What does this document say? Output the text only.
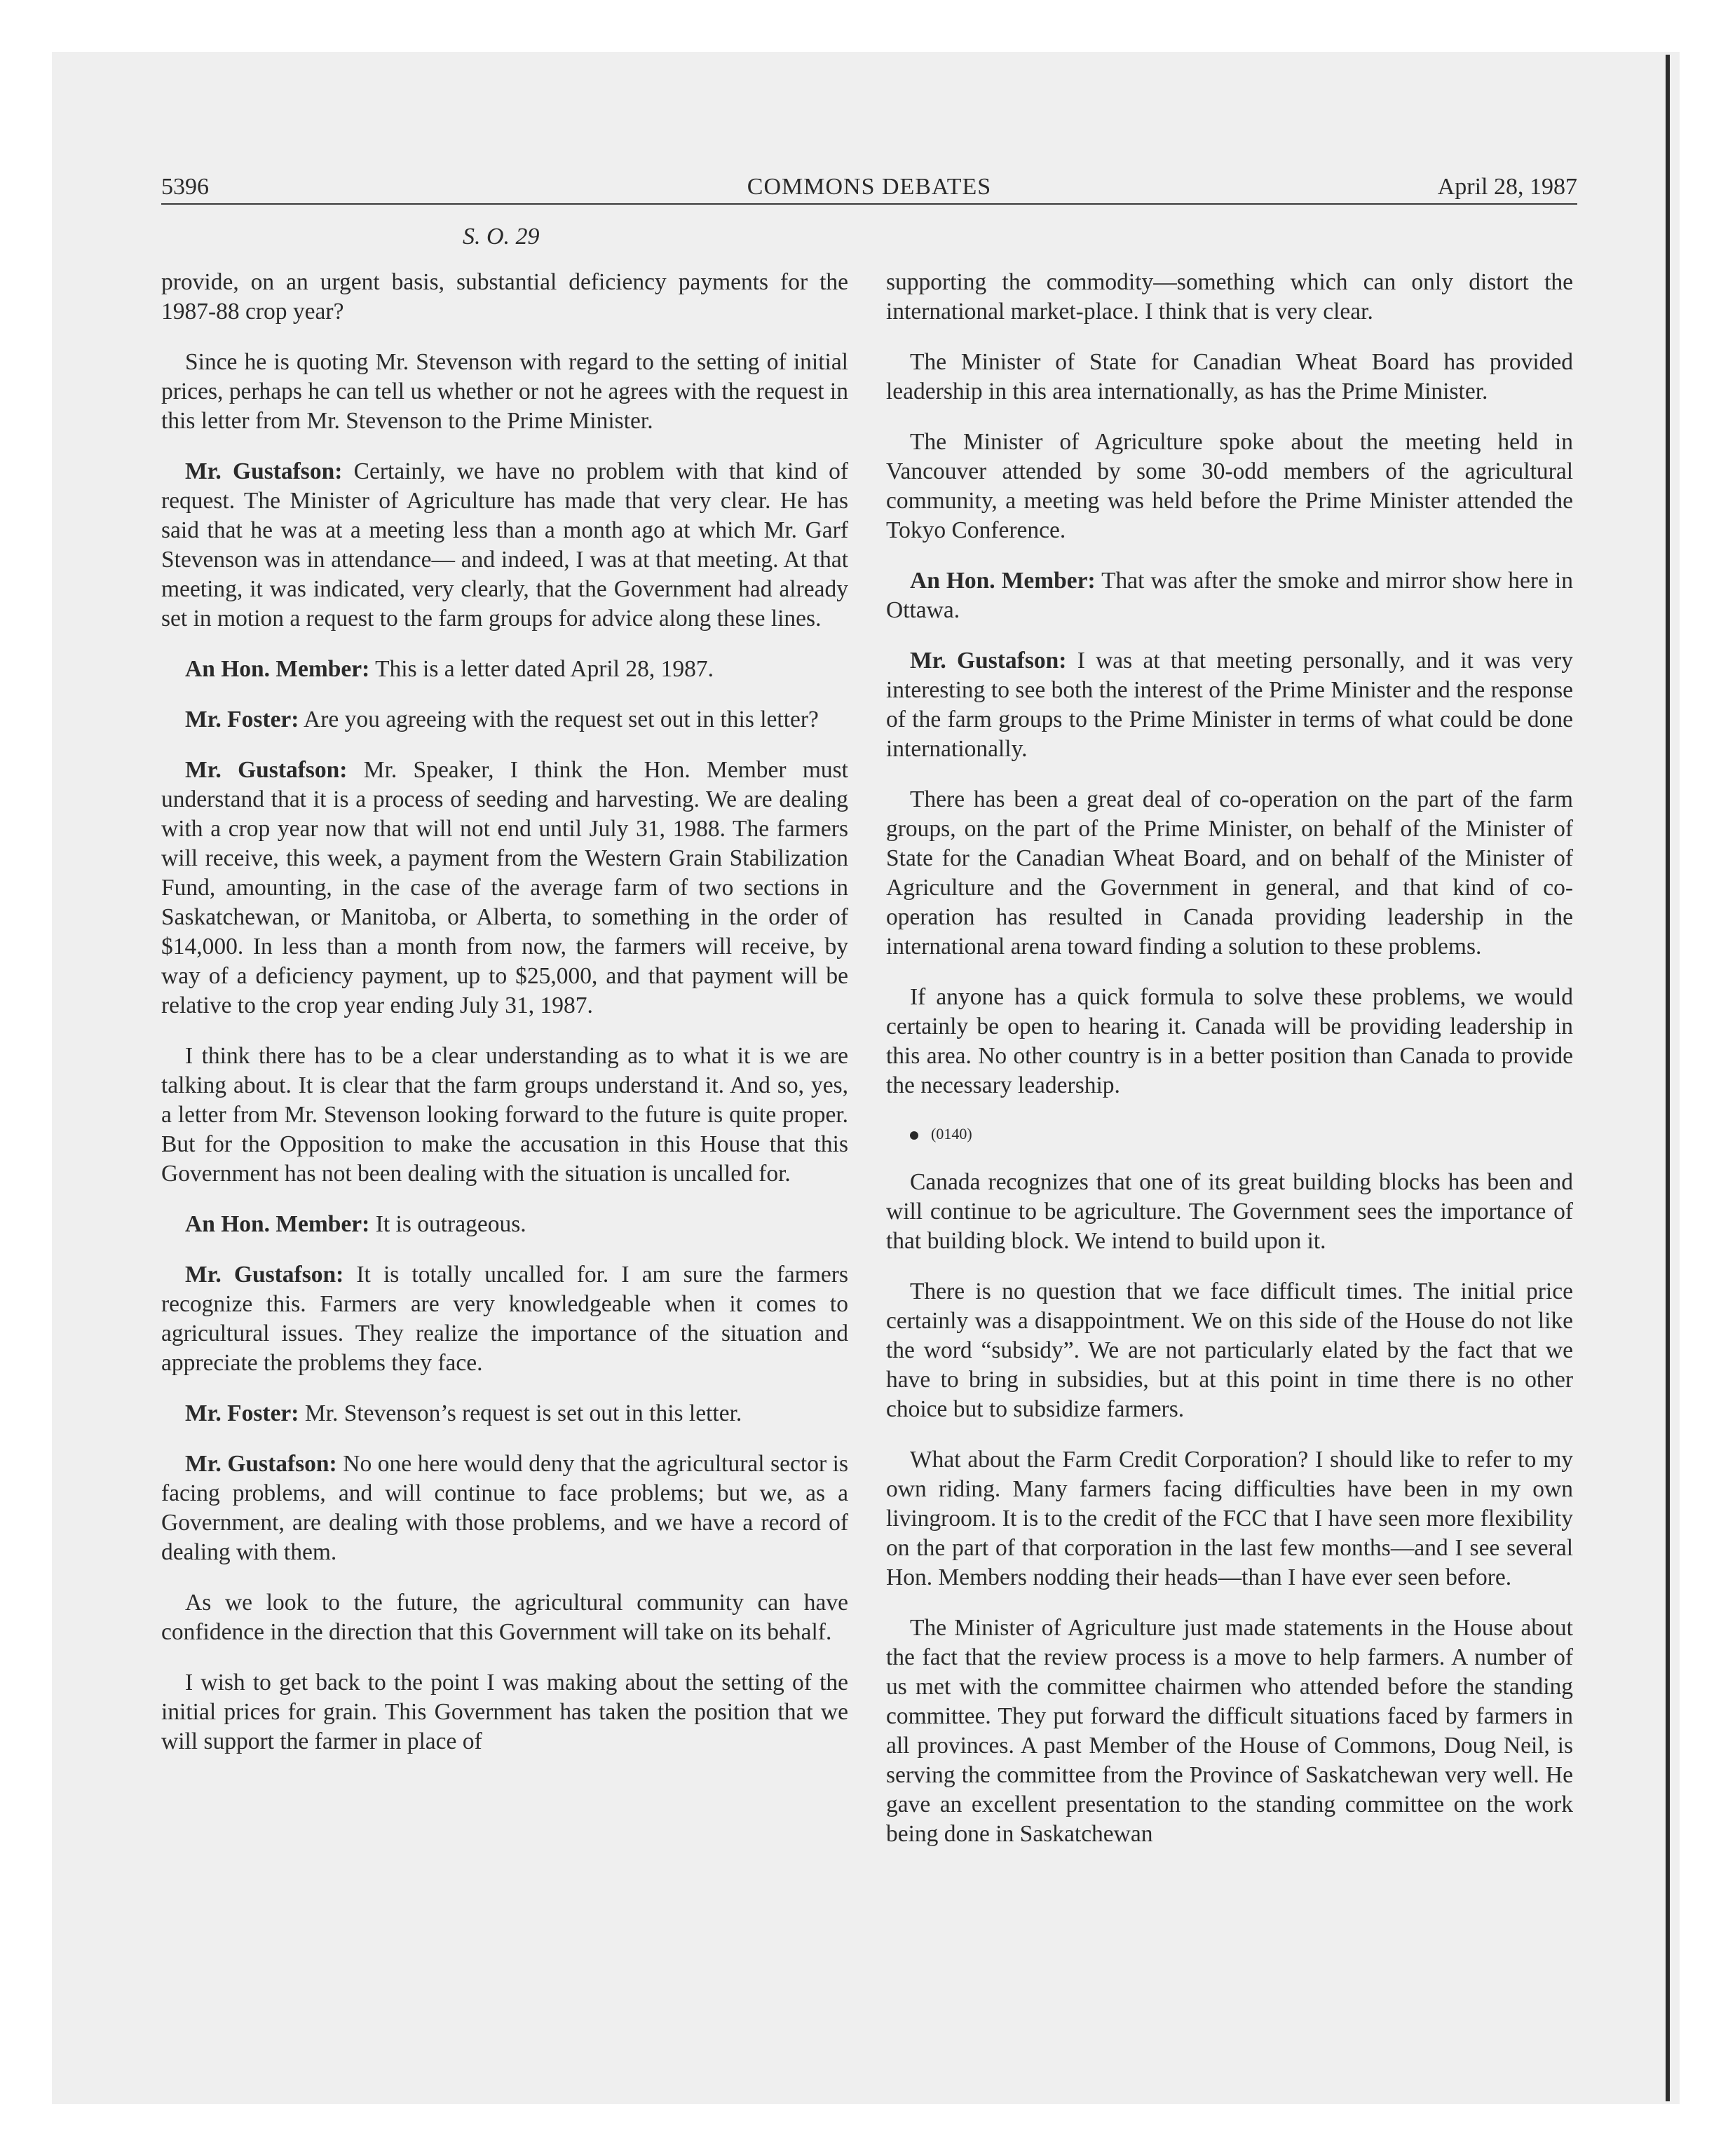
5396	COMMONS DEBATES	April 28, 1987
S. O. 29

provide, on an urgent basis, substantial deficiency payments for the 1987-88 crop year?

Since he is quoting Mr. Stevenson with regard to the setting of initial prices, perhaps he can tell us whether or not he agrees with the request in this letter from Mr. Stevenson to the Prime Minister.

Mr. Gustafson: Certainly, we have no problem with that kind of request. The Minister of Agriculture has made that very clear. He has said that he was at a meeting less than a month ago at which Mr. Garf Stevenson was in attendance— and indeed, I was at that meeting. At that meeting, it was indicated, very clearly, that the Government had already set in motion a request to the farm groups for advice along these lines.

An Hon. Member: This is a letter dated April 28, 1987.

Mr. Foster: Are you agreeing with the request set out in this letter?

Mr. Gustafson: Mr. Speaker, I think the Hon. Member must understand that it is a process of seeding and harvesting. We are dealing with a crop year now that will not end until July 31, 1988. The farmers will receive, this week, a payment from the Western Grain Stabilization Fund, amounting, in the case of the average farm of two sections in Saskatchewan, or Manitoba, or Alberta, to something in the order of $14,000. In less than a month from now, the farmers will receive, by way of a deficiency payment, up to $25,000, and that payment will be relative to the crop year ending July 31, 1987.

I think there has to be a clear understanding as to what it is we are talking about. It is clear that the farm groups understand it. And so, yes, a letter from Mr. Stevenson looking forward to the future is quite proper. But for the Opposition to make the accusation in this House that this Government has not been dealing with the situation is uncalled for.

An Hon. Member: It is outrageous.

Mr. Gustafson: It is totally uncalled for. I am sure the farmers recognize this. Farmers are very knowledgeable when it comes to agricultural issues. They realize the importance of the situation and appreciate the problems they face.

Mr. Foster: Mr. Stevenson’s request is set out in this letter.

Mr. Gustafson: No one here would deny that the agricultural sector is facing problems, and will continue to face problems; but we, as a Government, are dealing with those problems, and we have a record of dealing with them.

As we look to the future, the agricultural community can have confidence in the direction that this Government will take on its behalf.

I wish to get back to the point I was making about the setting of the initial prices for grain. This Government has taken the position that we will support the farmer in place of

supporting the commodity—something which can only distort the international market-place. I think that is very clear.

The Minister of State for Canadian Wheat Board has provided leadership in this area internationally, as has the Prime Minister.

The Minister of Agriculture spoke about the meeting held in Vancouver attended by some 30-odd members of the agricultural community, a meeting was held before the Prime Minister attended the Tokyo Conference.

An Hon. Member: That was after the smoke and mirror show here in Ottawa.

Mr. Gustafson: I was at that meeting personally, and it was very interesting to see both the interest of the Prime Minister and the response of the farm groups to the Prime Minister in terms of what could be done internationally.

There has been a great deal of co-operation on the part of the farm groups, on the part of the Prime Minister, on behalf of the Minister of State for the Canadian Wheat Board, and on behalf of the Minister of Agriculture and the Government in general, and that kind of co-operation has resulted in Canada providing leadership in the international arena toward finding a solution to these problems.

If anyone has a quick formula to solve these problems, we would certainly be open to hearing it. Canada will be providing leadership in this area. No other country is in a better position than Canada to provide the necessary leadership.

(0140)

Canada recognizes that one of its great building blocks has been and will continue to be agriculture. The Government sees the importance of that building block. We intend to build upon it.

There is no question that we face difficult times. The initial price certainly was a disappointment. We on this side of the House do not like the word “subsidy”. We are not particularly elated by the fact that we have to bring in subsidies, but at this point in time there is no other choice but to subsidize farmers.

What about the Farm Credit Corporation? I should like to refer to my own riding. Many farmers facing difficulties have been in my own livingroom. It is to the credit of the FCC that I have seen more flexibility on the part of that corporation in the last few months—and I see several Hon. Members nodding their heads—than I have ever seen before.

The Minister of Agriculture just made statements in the House about the fact that the review process is a move to help farmers. A number of us met with the committee chairmen who attended before the standing committee. They put forward the difficult situations faced by farmers in all provinces. A past Member of the House of Commons, Doug Neil, is serving the committee from the Province of Saskatchewan very well. He gave an excellent presentation to the standing committee on the work being done in Saskatchewan
